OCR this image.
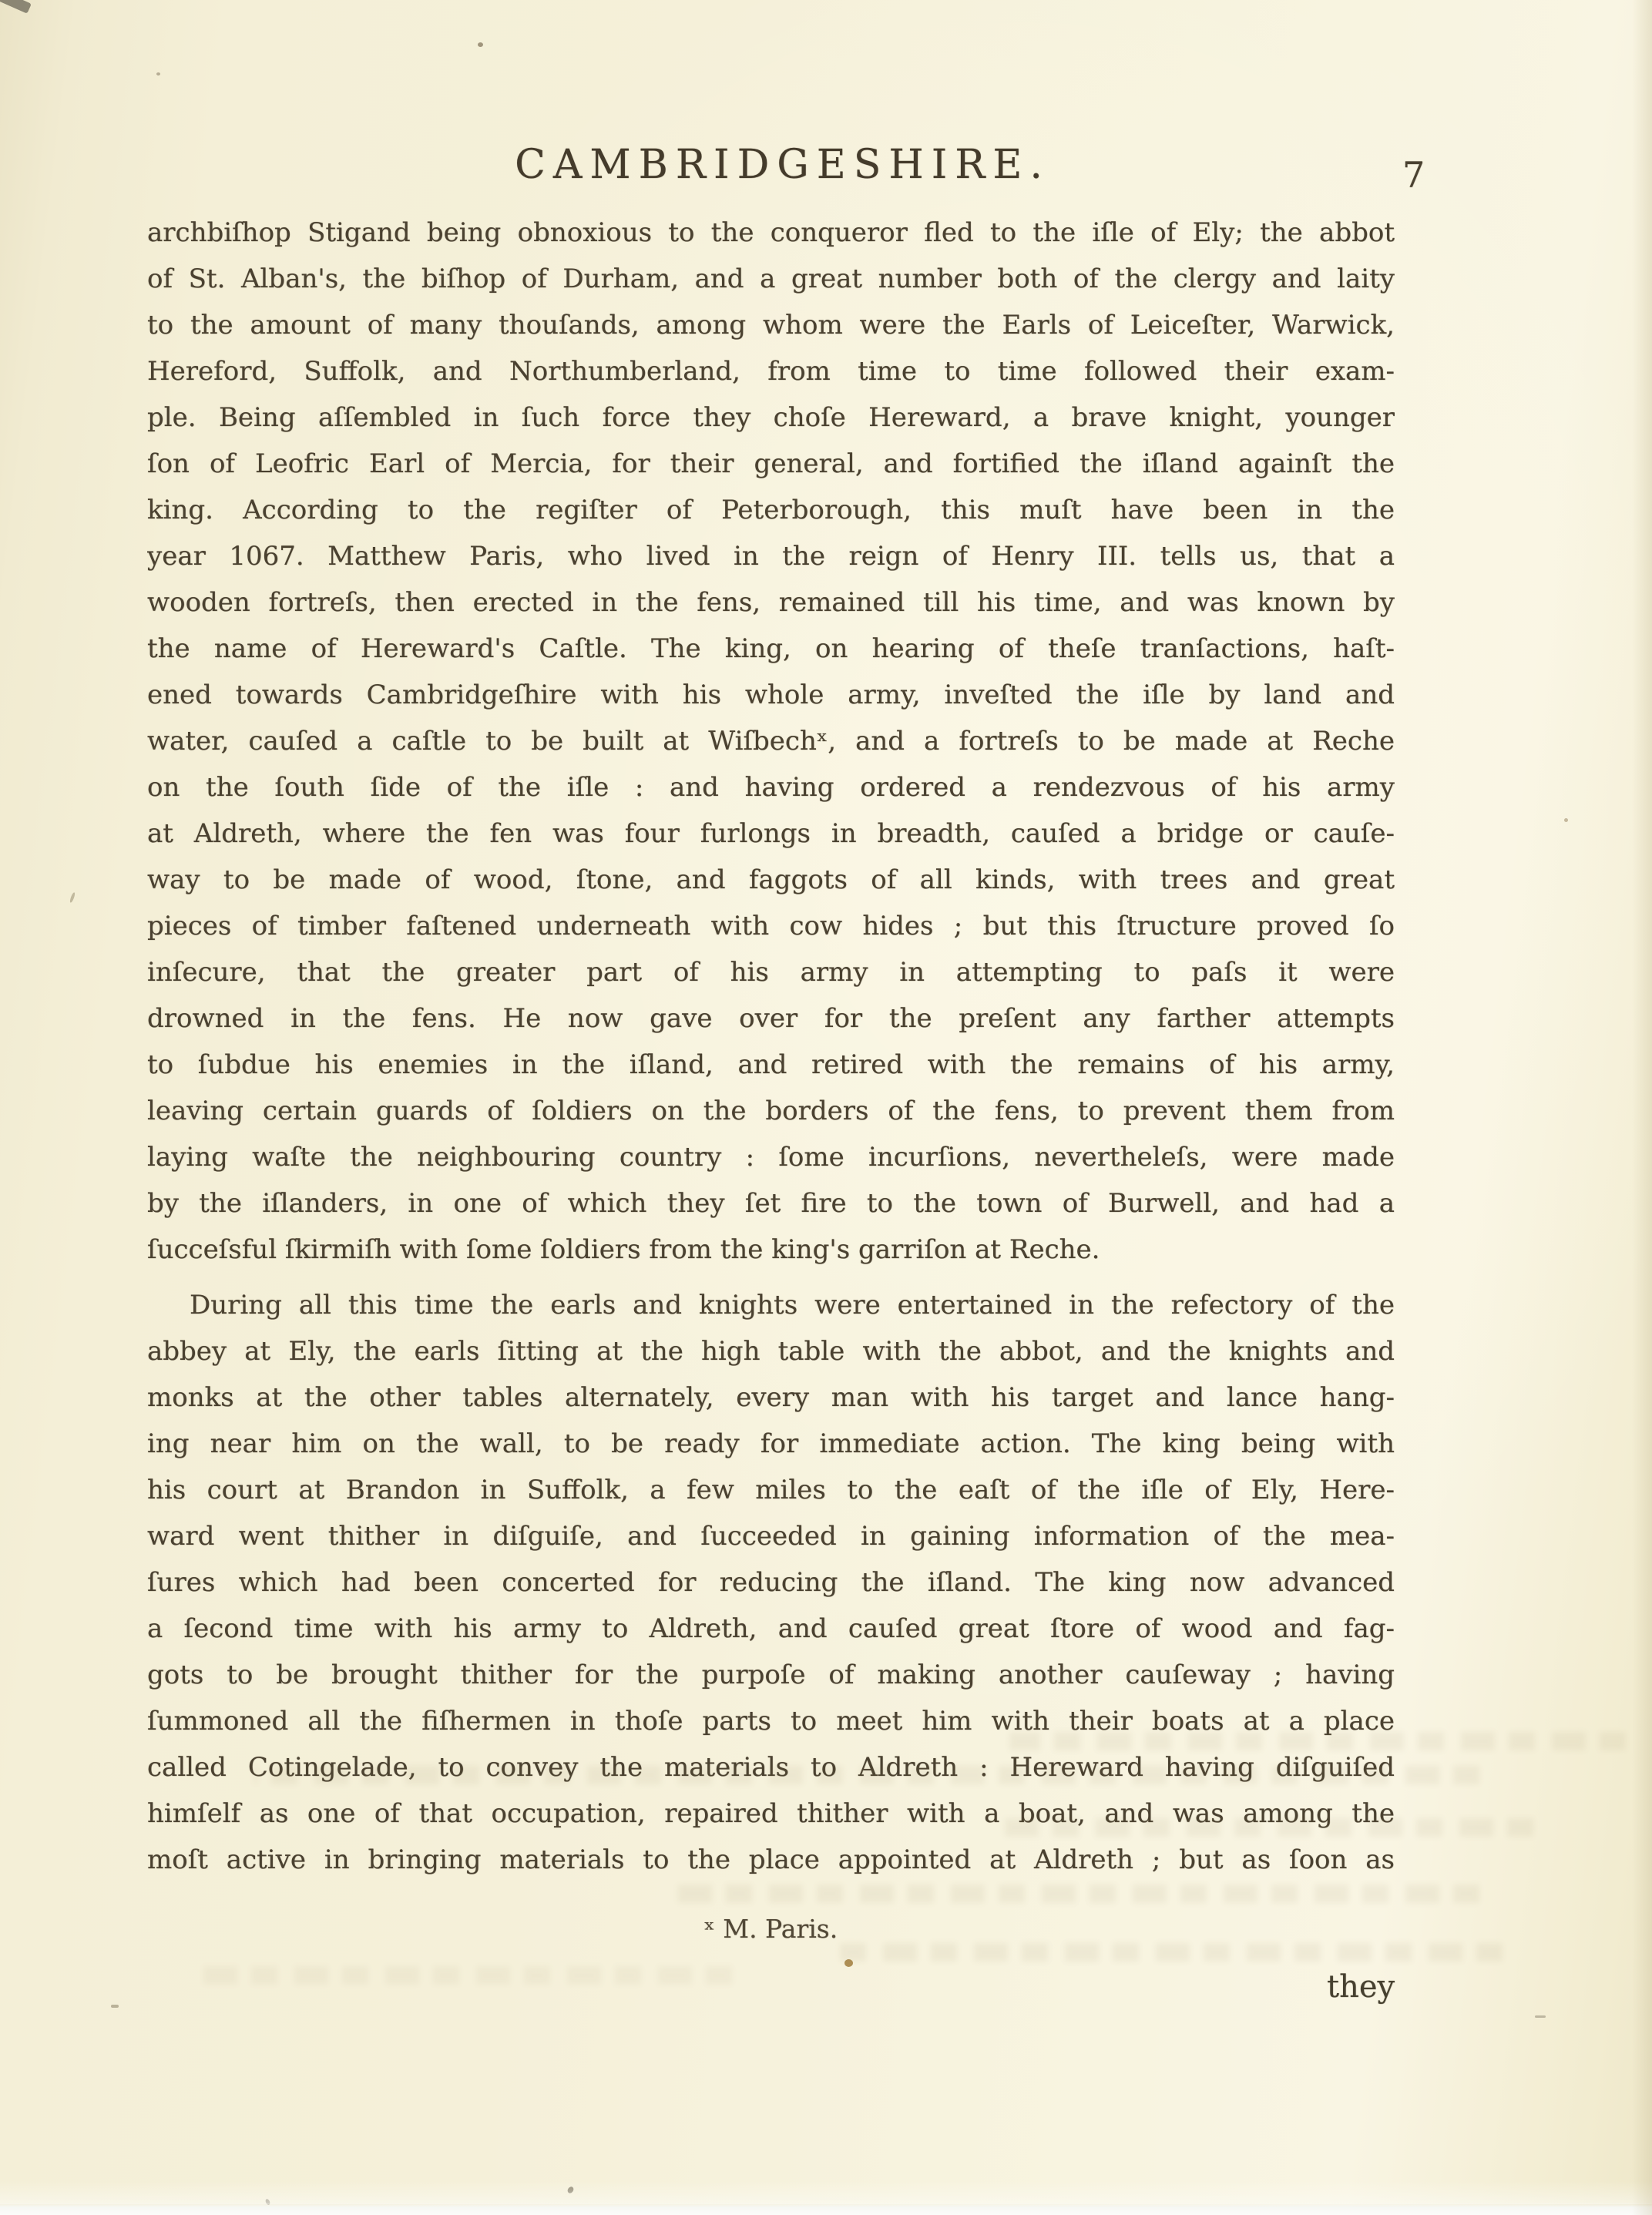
CAMBRIDGESHIRE.	7
archbiſhop Stigand being obnoxious to the conqueror fled to the iſle of Ely; the abbot
of St. Alban's, the biſhop of Durham, and a great number both of the clergy and laity
to the amount of many thouſands, among whom were the Earls of Leiceſter, Warwick,
Hereford, Suffolk, and Northumberland, from time to time followed their exam-
ple. Being aſſembled in ſuch force they choſe Hereward, a brave knight, younger
ſon of Leofric Earl of Mercia, for their general, and fortified the iſland againſt the
king. According to the regiſter of Peterborough, this muſt have been in the
year 1067. Matthew Paris, who lived in the reign of Henry III. tells us, that a
wooden fortreſs, then erected in the fens, remained till his time, and was known by
the name of Hereward's Caſtle. The king, on hearing of theſe tranſactions, haſt-
ened towards Cambridgeſhire with his whole army, inveſted the iſle by land and
water, cauſed a caſtle to be built at Wiſbechˣ, and a fortreſs to be made at Reche
on the ſouth ſide of the iſle : and having ordered a rendezvous of his army
at Aldreth, where the fen was four furlongs in breadth, cauſed a bridge or cauſe-
way to be made of wood, ſtone, and faggots of all kinds, with trees and great
pieces of timber faſtened underneath with cow hides ; but this ſtructure proved ſo
inſecure, that the greater part of his army in attempting to paſs it were
drowned in the fens. He now gave over for the preſent any farther attempts
to ſubdue his enemies in the iſland, and retired with the remains of his army,
leaving certain guards of ſoldiers on the borders of the fens, to prevent them from
laying waſte the neighbouring country : ſome incurſions, nevertheleſs, were made
by the iſlanders, in one of which they ſet fire to the town of Burwell, and had a
ſucceſsful ſkirmiſh with ſome ſoldiers from the king's garriſon at Reche.
During all this time the earls and knights were entertained in the refectory of the
abbey at Ely, the earls ſitting at the high table with the abbot, and the knights and
monks at the other tables alternately, every man with his target and lance hang-
ing near him on the wall, to be ready for immediate action. The king being with
his court at Brandon in Suffolk, a few miles to the eaſt of the iſle of Ely, Here-
ward went thither in diſguiſe, and ſucceeded in gaining information of the mea-
ſures which had been concerted for reducing the iſland. The king now advanced
a ſecond time with his army to Aldreth, and cauſed great ſtore of wood and fag-
gots to be brought thither for the purpoſe of making another cauſeway ; having
ſummoned all the fiſhermen in thoſe parts to meet him with their boats at a place
called Cotingelade, to convey the materials to Aldreth : Hereward having diſguiſed
himſelf as one of that occupation, repaired thither with a boat, and was among the
moſt active in bringing materials to the place appointed at Aldreth ; but as ſoon as
ˣ M. Paris.
they
